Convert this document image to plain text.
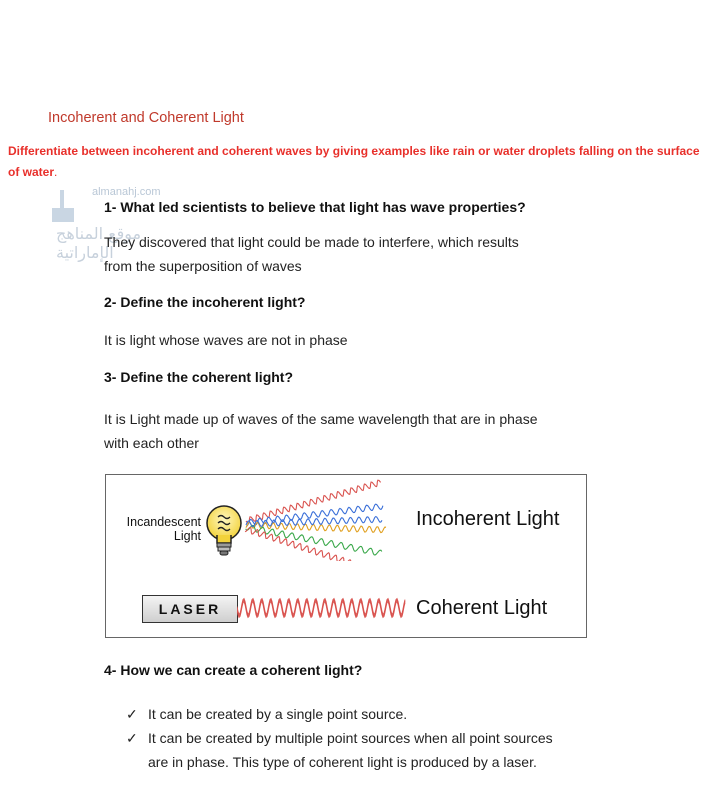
Incoherent and Coherent Light
Differentiate between incoherent and coherent waves by giving examples like rain or water droplets falling on the surface of water.
almanahj.com
موقع المناهج الإماراتية
1- What led scientists to believe that light has wave properties?
They discovered that light could be made to interfere, which results
from the superposition of waves
2- Define the incoherent light?
It is light whose waves are not in phase
3- Define the coherent light?
It is Light made up of waves of the same wavelength that are in phase
with each other
Incandescent
Light
Incoherent Light
LASER	Coherent Light
4- How we can create a coherent light?
✓ It can be created by a single point source.
✓ It can be created by multiple point sources when all point sources
are in phase. This type of coherent light is produced by a laser.
